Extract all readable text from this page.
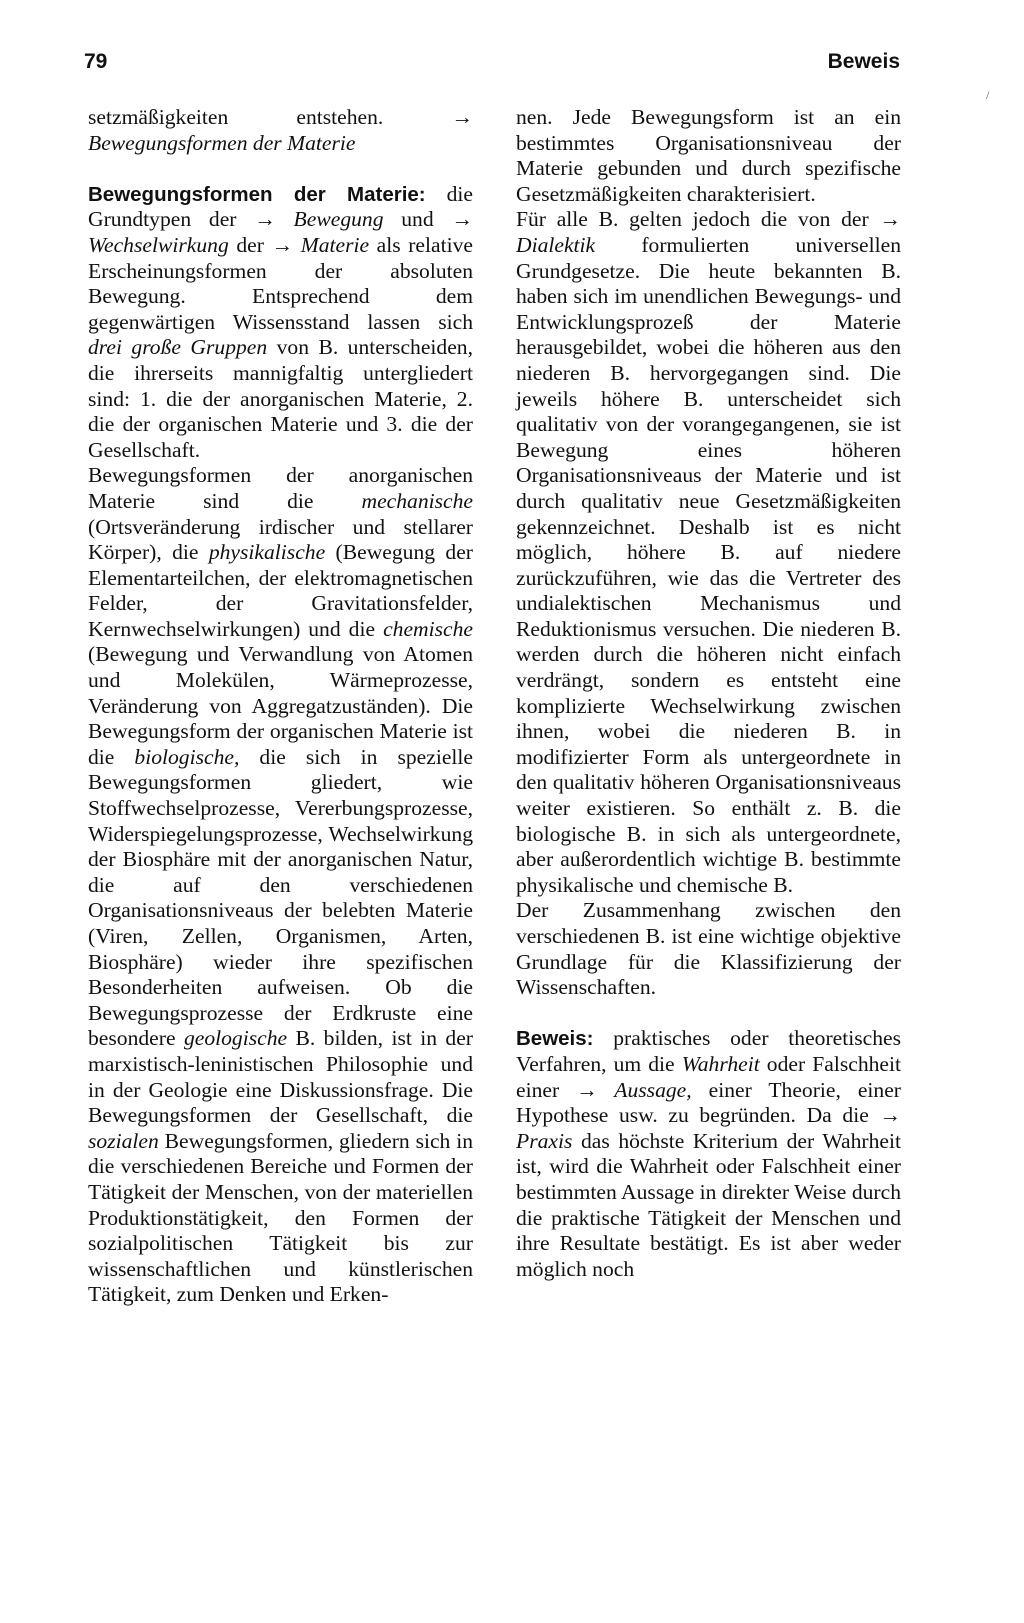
79	Beweis
/

setzmäßigkeiten entstehen. → Bewegungsformen der Materie

Bewegungsformen der Materie: die Grundtypen der → Bewegung und → Wechselwirkung der → Materie als relative Erscheinungsformen der absoluten Bewegung. Entsprechend dem gegenwärtigen Wissensstand lassen sich drei große Gruppen von B. unterscheiden, die ihrerseits mannigfaltig untergliedert sind: 1. die der anorganischen Materie, 2. die der organischen Materie und 3. die der Gesellschaft.

Bewegungsformen der anorganischen Materie sind die mechanische (Ortsveränderung irdischer und stellarer Körper), die physikalische (Bewegung der Elementarteilchen, der elektromagnetischen Felder, der Gravitationsfelder, Kernwechselwirkungen) und die chemische (Bewegung und Verwandlung von Atomen und Molekülen, Wärmeprozesse, Veränderung von Aggregatzuständen). Die Bewegungsform der organischen Materie ist die biologische, die sich in spezielle Bewegungsformen gliedert, wie Stoffwechselprozesse, Vererbungsprozesse, Widerspiegelungsprozesse, Wechselwirkung der Biosphäre mit der anorganischen Natur, die auf den verschiedenen Organisationsniveaus der belebten Materie (Viren, Zellen, Organismen, Arten, Biosphäre) wieder ihre spezifischen Besonderheiten aufweisen. Ob die Bewegungsprozesse der Erdkruste eine besondere geologische B. bilden, ist in der marxistisch-leninistischen Philosophie und in der Geologie eine Diskussionsfrage. Die Bewegungsformen der Gesellschaft, die sozialen Bewegungsformen, gliedern sich in die verschiedenen Bereiche und Formen der Tätigkeit der Menschen, von der materiellen Produktionstätigkeit, den Formen der sozialpolitischen Tätigkeit bis zur wissenschaftlichen und künstlerischen Tätigkeit, zum Denken und Erken-

nen. Jede Bewegungsform ist an ein bestimmtes Organisationsniveau der Materie gebunden und durch spezifische Gesetzmäßigkeiten charakterisiert.

Für alle B. gelten jedoch die von der → Dialektik formulierten universellen Grundgesetze. Die heute bekannten B. haben sich im unendlichen Bewegungs- und Entwicklungsprozeß der Materie herausgebildet, wobei die höheren aus den niederen B. hervorgegangen sind. Die jeweils höhere B. unterscheidet sich qualitativ von der vorangegangenen, sie ist Bewegung eines höheren Organisationsniveaus der Materie und ist durch qualitativ neue Gesetzmäßigkeiten gekennzeichnet. Deshalb ist es nicht möglich, höhere B. auf niedere zurückzuführen, wie das die Vertreter des undialektischen Mechanismus und Reduktionismus versuchen. Die niederen B. werden durch die höheren nicht einfach verdrängt, sondern es entsteht eine komplizierte Wechselwirkung zwischen ihnen, wobei die niederen B. in modifizierter Form als untergeordnete in den qualitativ höheren Organisationsniveaus weiter existieren. So enthält z. B. die biologische B. in sich als untergeordnete, aber außerordentlich wichtige B. bestimmte physikalische und chemische B.

Der Zusammenhang zwischen den verschiedenen B. ist eine wichtige objektive Grundlage für die Klassifizierung der Wissenschaften.

Beweis: praktisches oder theoretisches Verfahren, um die Wahrheit oder Falschheit einer → Aussage, einer Theorie, einer Hypothese usw. zu begründen. Da die → Praxis das höchste Kriterium der Wahrheit ist, wird die Wahrheit oder Falschheit einer bestimmten Aussage in direkter Weise durch die praktische Tätigkeit der Menschen und ihre Resultate bestätigt. Es ist aber weder möglich noch
